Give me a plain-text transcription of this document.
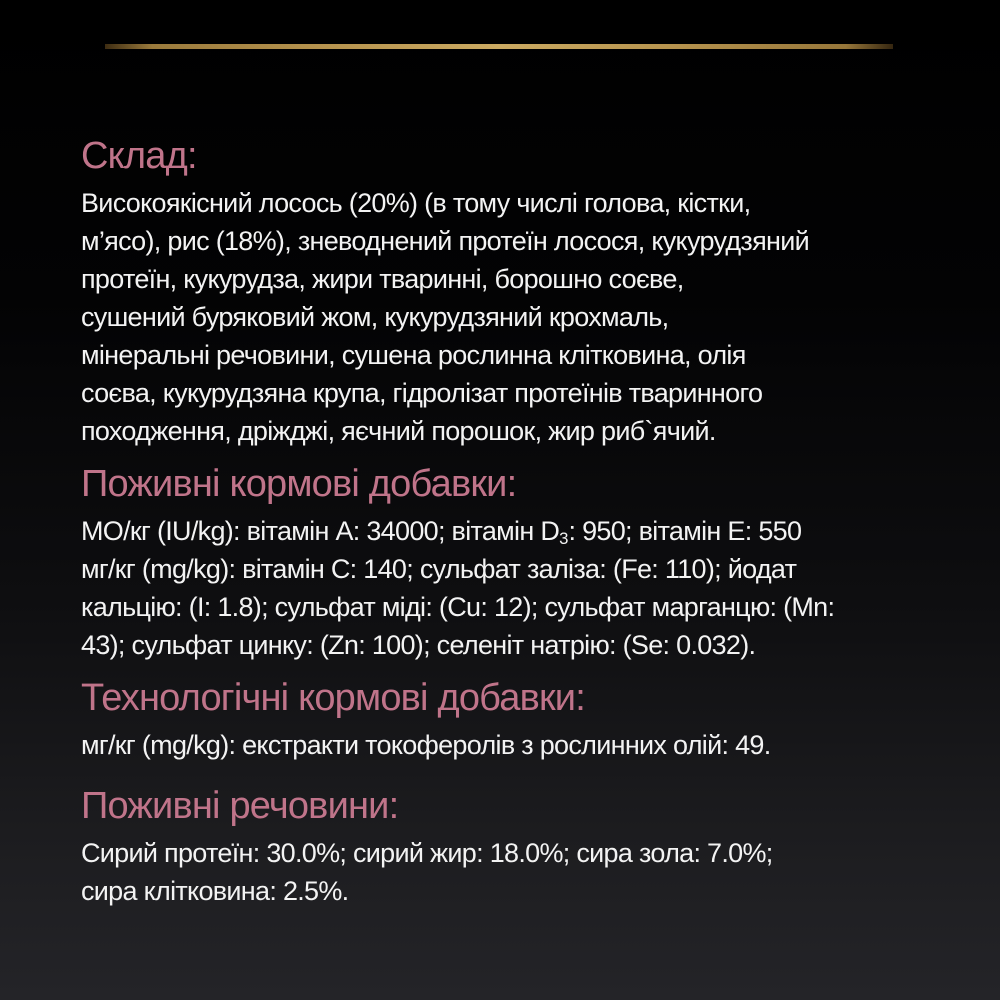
Склад:

Високоякісний лосось (20%) (в тому числі голова, кістки,

м’ясо), рис (18%), зневоднений протеїн лосося, кукурудзяний

протеїн, кукурудза, жири тваринні, борошно соєве,

сушений буряковий жом, кукурудзяний крохмаль,

мінеральні речовини, сушена рослинна клітковина, олія

соєва, кукурудзяна крупа, гідролізат протеїнів тваринного

походження, дріжджі, яєчний порошок, жир риб`ячий.

Поживні кормові добавки:

МО/кг (IU/kg): вітамін A: 34000; вітамін $D_3$: 950; вітамін E: 550

мг/кг (mg/kg): вітамін C: 140; сульфат заліза: (Fe: 110); йодат

кальцію: (I: 1.8); сульфат міді: (Cu: 12); сульфат марганцю: (Mn:

43); сульфат цинку: (Zn: 100); селеніт натрію: (Se: 0.032).

Технологічні кормові добавки:

мг/кг (mg/kg): екстракти токоферолів з рослинних олій: 49.

Поживні речовини:

Сирий протеїн: 30.0%; сирий жир: 18.0%; сира зола: 7.0%;

сира клітковина: 2.5%.
